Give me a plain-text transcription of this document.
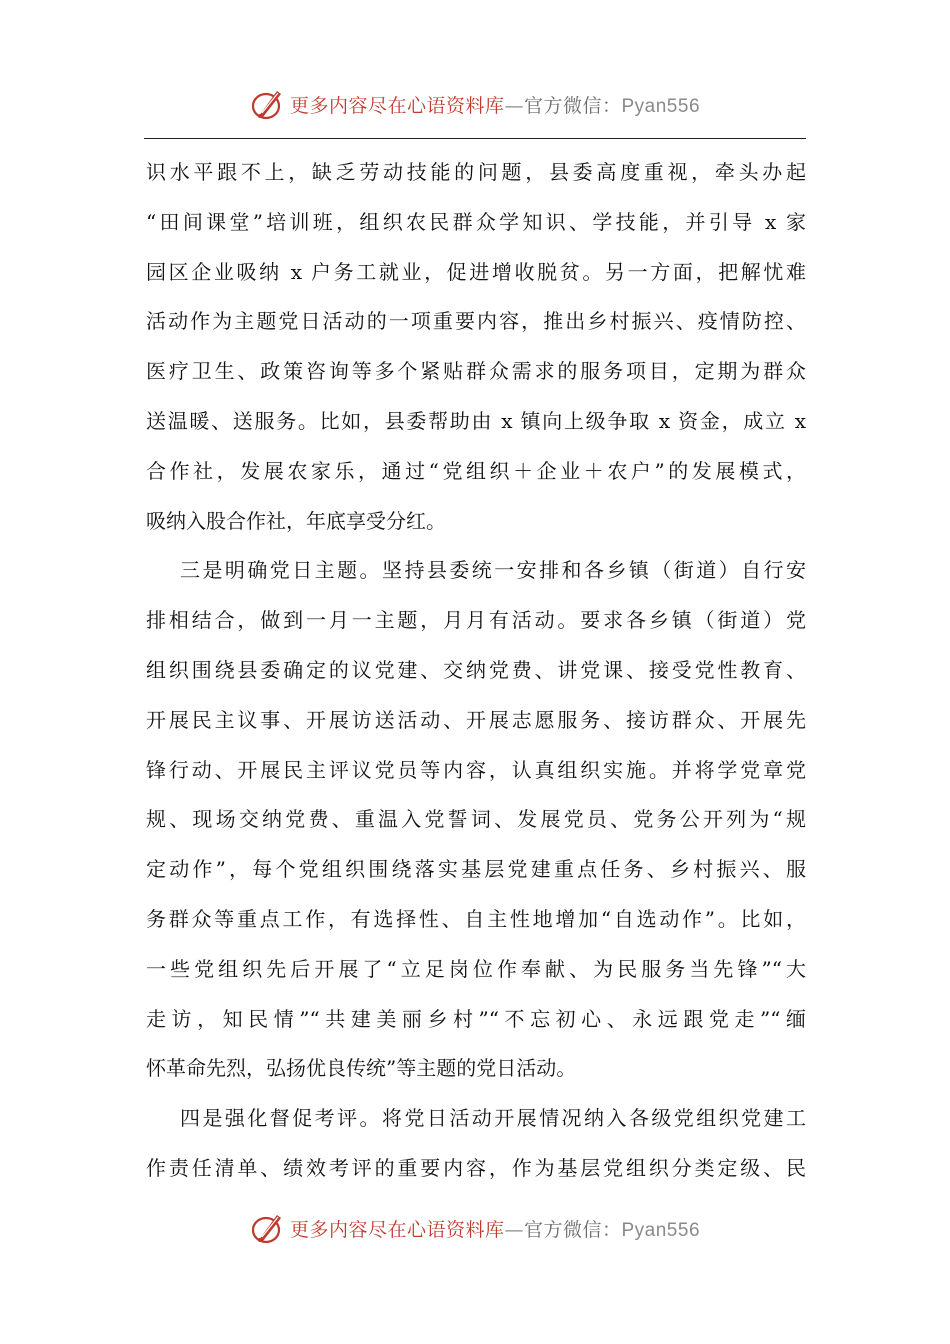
更多内容尽在心语资料库—官方微信：Pyan556
识水平跟不上，缺乏劳动技能的问题，县委高度重视，牵头办起
“田间课堂”培训班，组织农民群众学知识、学技能，并引导 x 家
园区企业吸纳 x 户务工就业，促进增收脱贫。另一方面，把解忧难
活动作为主题党日活动的一项重要内容，推出乡村振兴、疫情防控、
医疗卫生、政策咨询等多个紧贴群众需求的服务项目，定期为群众
送温暖、送服务。比如，县委帮助由 x 镇向上级争取 x 资金，成立 x
合作社，发展农家乐，通过“党组织＋企业＋农户”的发展模式，
吸纳入股合作社，年底享受分红。
三是明确党日主题。坚持县委统一安排和各乡镇（街道）自行安
排相结合，做到一月一主题，月月有活动。要求各乡镇（街道）党
组织围绕县委确定的议党建、交纳党费、讲党课、接受党性教育、
开展民主议事、开展访送活动、开展志愿服务、接访群众、开展先
锋行动、开展民主评议党员等内容，认真组织实施。并将学党章党
规、现场交纳党费、重温入党誓词、发展党员、党务公开列为“规
定动作”，每个党组织围绕落实基层党建重点任务、乡村振兴、服
务群众等重点工作，有选择性、自主性地增加“自选动作”。比如，
一些党组织先后开展了“立足岗位作奉献、为民服务当先锋”“大
走访，知民情”“共建美丽乡村”“不忘初心、永远跟党走”“缅
怀革命先烈，弘扬优良传统”等主题的党日活动。
四是强化督促考评。将党日活动开展情况纳入各级党组织党建工
作责任清单、绩效考评的重要内容，作为基层党组织分类定级、民
更多内容尽在心语资料库—官方微信：Pyan556
